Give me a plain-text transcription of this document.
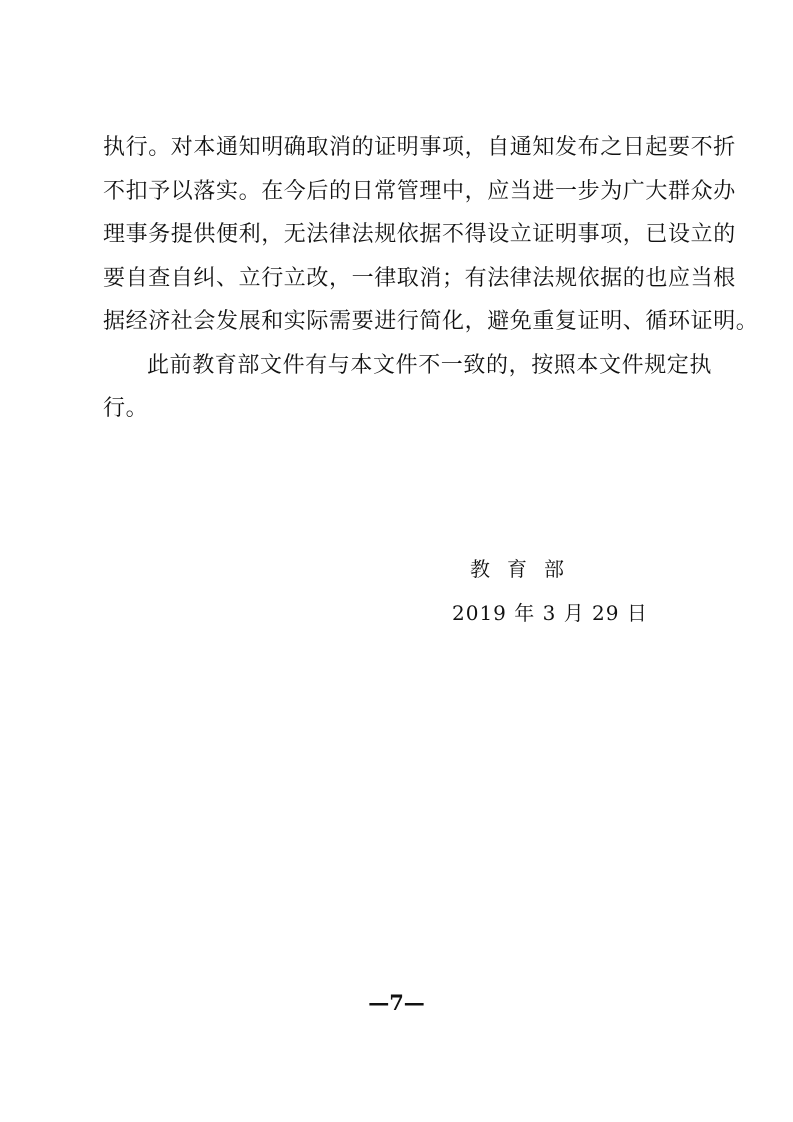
执行。对本通知明确取消的证明事项，自通知发布之日起要不折
不扣予以落实。在今后的日常管理中，应当进一步为广大群众办
理事务提供便利，无法律法规依据不得设立证明事项，已设立的
要自查自纠、立行立改，一律取消；有法律法规依据的也应当根
据经济社会发展和实际需要进行简化，避免重复证明、循环证明。
此前教育部文件有与本文件不一致的，按照本文件规定执
行。
教育部
2019 年 3 月 29 日
—7—
